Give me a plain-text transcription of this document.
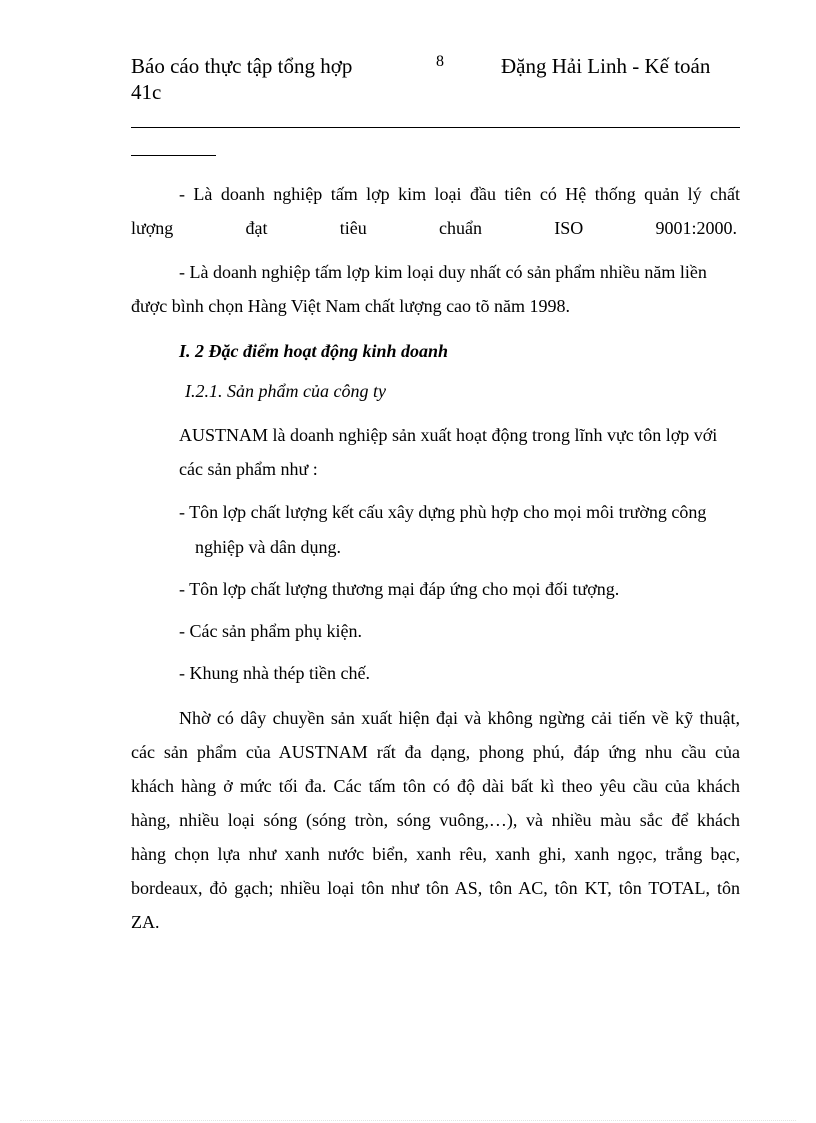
Báo cáo thực tập tổng hợp	8	Đặng Hải Linh - Kế toán
41c
- Là doanh nghiệp tấm lợp kim loại đầu tiên có Hệ thống quản lý chất
lượng đạt tiêu chuẩn ISO 9001:2000.
- Là doanh nghiệp tấm lợp kim loại duy nhất có sản phẩm nhiều năm liền
được bình chọn Hàng Việt Nam chất lượng cao tõ năm 1998.
I. 2 Đặc điểm hoạt động kinh doanh
I.2.1. Sản phẩm của công ty
AUSTNAM là doanh nghiệp sản xuất hoạt động trong lĩnh vực tôn lợp với
các sản phẩm như :
- Tôn lợp chất lượng kết cấu xây dựng phù hợp cho mọi môi trường công
nghiệp và dân dụng.
- Tôn lợp chất lượng thương mại đáp ứng cho mọi đối tượng.
- Các sản phẩm phụ kiện.
- Khung nhà thép tiền chế.
Nhờ có dây chuyền sản xuất hiện đại và không ngừng cải tiến về kỹ thuật,
các sản phẩm của AUSTNAM rất đa dạng, phong phú, đáp ứng nhu cầu của
khách hàng ở mức tối đa. Các tấm tôn có độ dài bất kì theo yêu cầu của khách
hàng, nhiều loại sóng (sóng tròn, sóng vuông,…), và nhiều màu sắc để khách
hàng chọn lựa như xanh nước biển, xanh rêu, xanh ghi, xanh ngọc, trắng bạc,
bordeaux, đỏ gạch; nhiều loại tôn như tôn AS, tôn AC, tôn KT, tôn TOTAL, tôn
ZA.
